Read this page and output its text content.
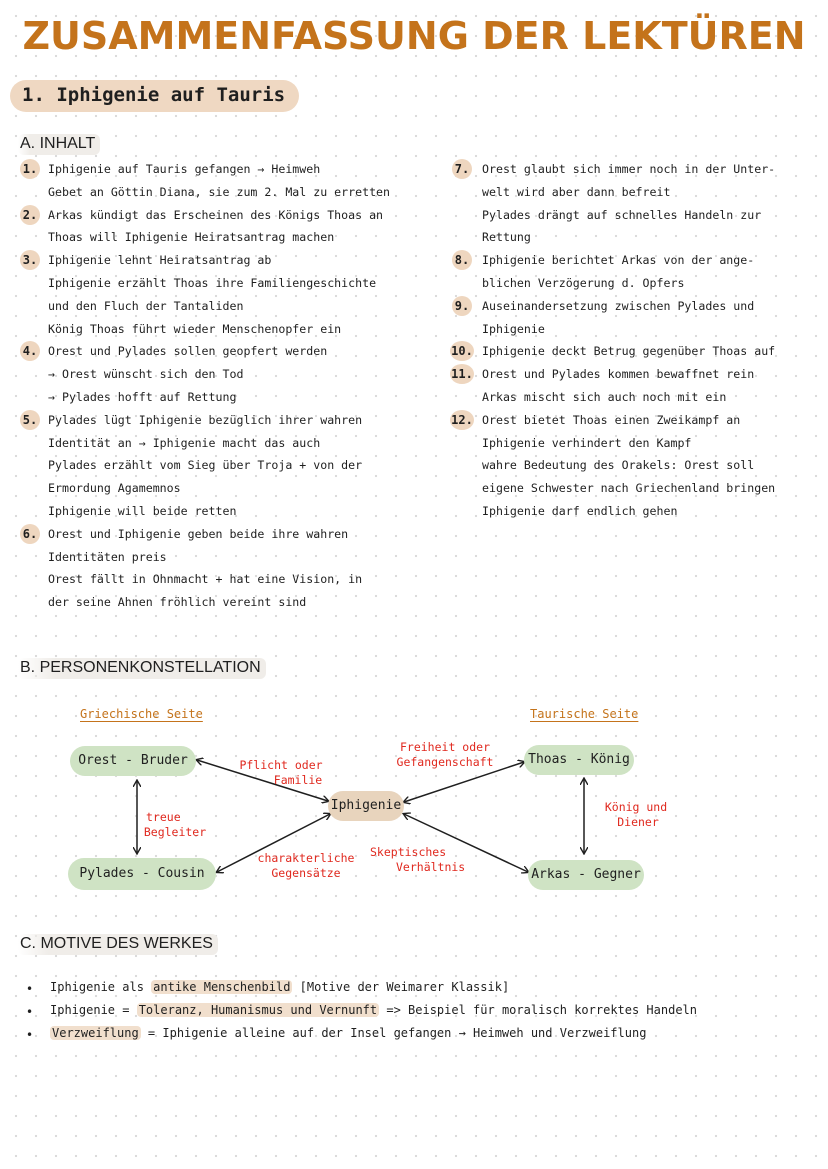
ZUSAMMENFASSUNG DER LEKTÜREN
1. Iphigenie auf Tauris
A. INHALT
B. PERSONENKONSTELLATION
Griechische Seite	Taurische Seite
Orest - Bruder
Pylades - Cousin
Iphigenie
Thoas - König
Arkas - Gegner
Pflicht oder
Familie
Freiheit oder
Gefangenschaft
treue
Begleiter
König und
Diener
charakterliche
Gegensätze
Skeptisches
Verhältnis
C. MOTIVE DES WERKES
• Iphigenie als antike Menschenbild [Motive der Weimarer Klassik]
• Iphigenie = Toleranz, Humanismus und Vernunft => Beispiel für moralisch korrektes Handeln
• Verzweiflung = Iphigenie alleine auf der Insel gefangen → Heimweh und Verzweiflung
1. Iphigenie auf Tauris gefangen → Heimweh
Gebet an Göttin Diana, sie zum 2. Mal zu erretten
2. Arkas kündigt das Erscheinen des Königs Thoas an
Thoas will Iphigenie Heiratsantrag machen
3. Iphigenie lehnt Heiratsantrag ab
Iphigenie erzählt Thoas ihre Familiengeschichte
und den Fluch der Tantaliden
König Thoas führt wieder Menschenopfer ein
4. Orest und Pylades sollen geopfert werden
→ Orest wünscht sich den Tod
→ Pylades hofft auf Rettung
5. Pylades lügt Iphigenie bezüglich ihrer wahren
Identität an → Iphigenie macht das auch
Pylades erzählt vom Sieg über Troja + von der
Ermordung Agamemnos
Iphigenie will beide retten
6. Orest und Iphigenie geben beide ihre wahren
Identitäten preis
Orest fällt in Ohnmacht + hat eine Vision, in
der seine Ahnen fröhlich vereint sind
7. Orest glaubt sich immer noch in der Unter-
welt wird aber dann befreit
Pylades drängt auf schnelles Handeln zur
Rettung
8. Iphigenie berichtet Arkas von der ange-
blichen Verzögerung d. Opfers
9. Auseinandersetzung zwischen Pylades und
Iphigenie
10. Iphigenie deckt Betrug gegenüber Thoas auf
11. Orest und Pylades kommen bewaffnet rein
Arkas mischt sich auch noch mit ein
12. Orest bietet Thoas einen Zweikampf an
Iphigenie verhindert den Kampf
wahre Bedeutung des Orakels: Orest soll
eigene Schwester nach Griechenland bringen
Iphigenie darf endlich gehen
